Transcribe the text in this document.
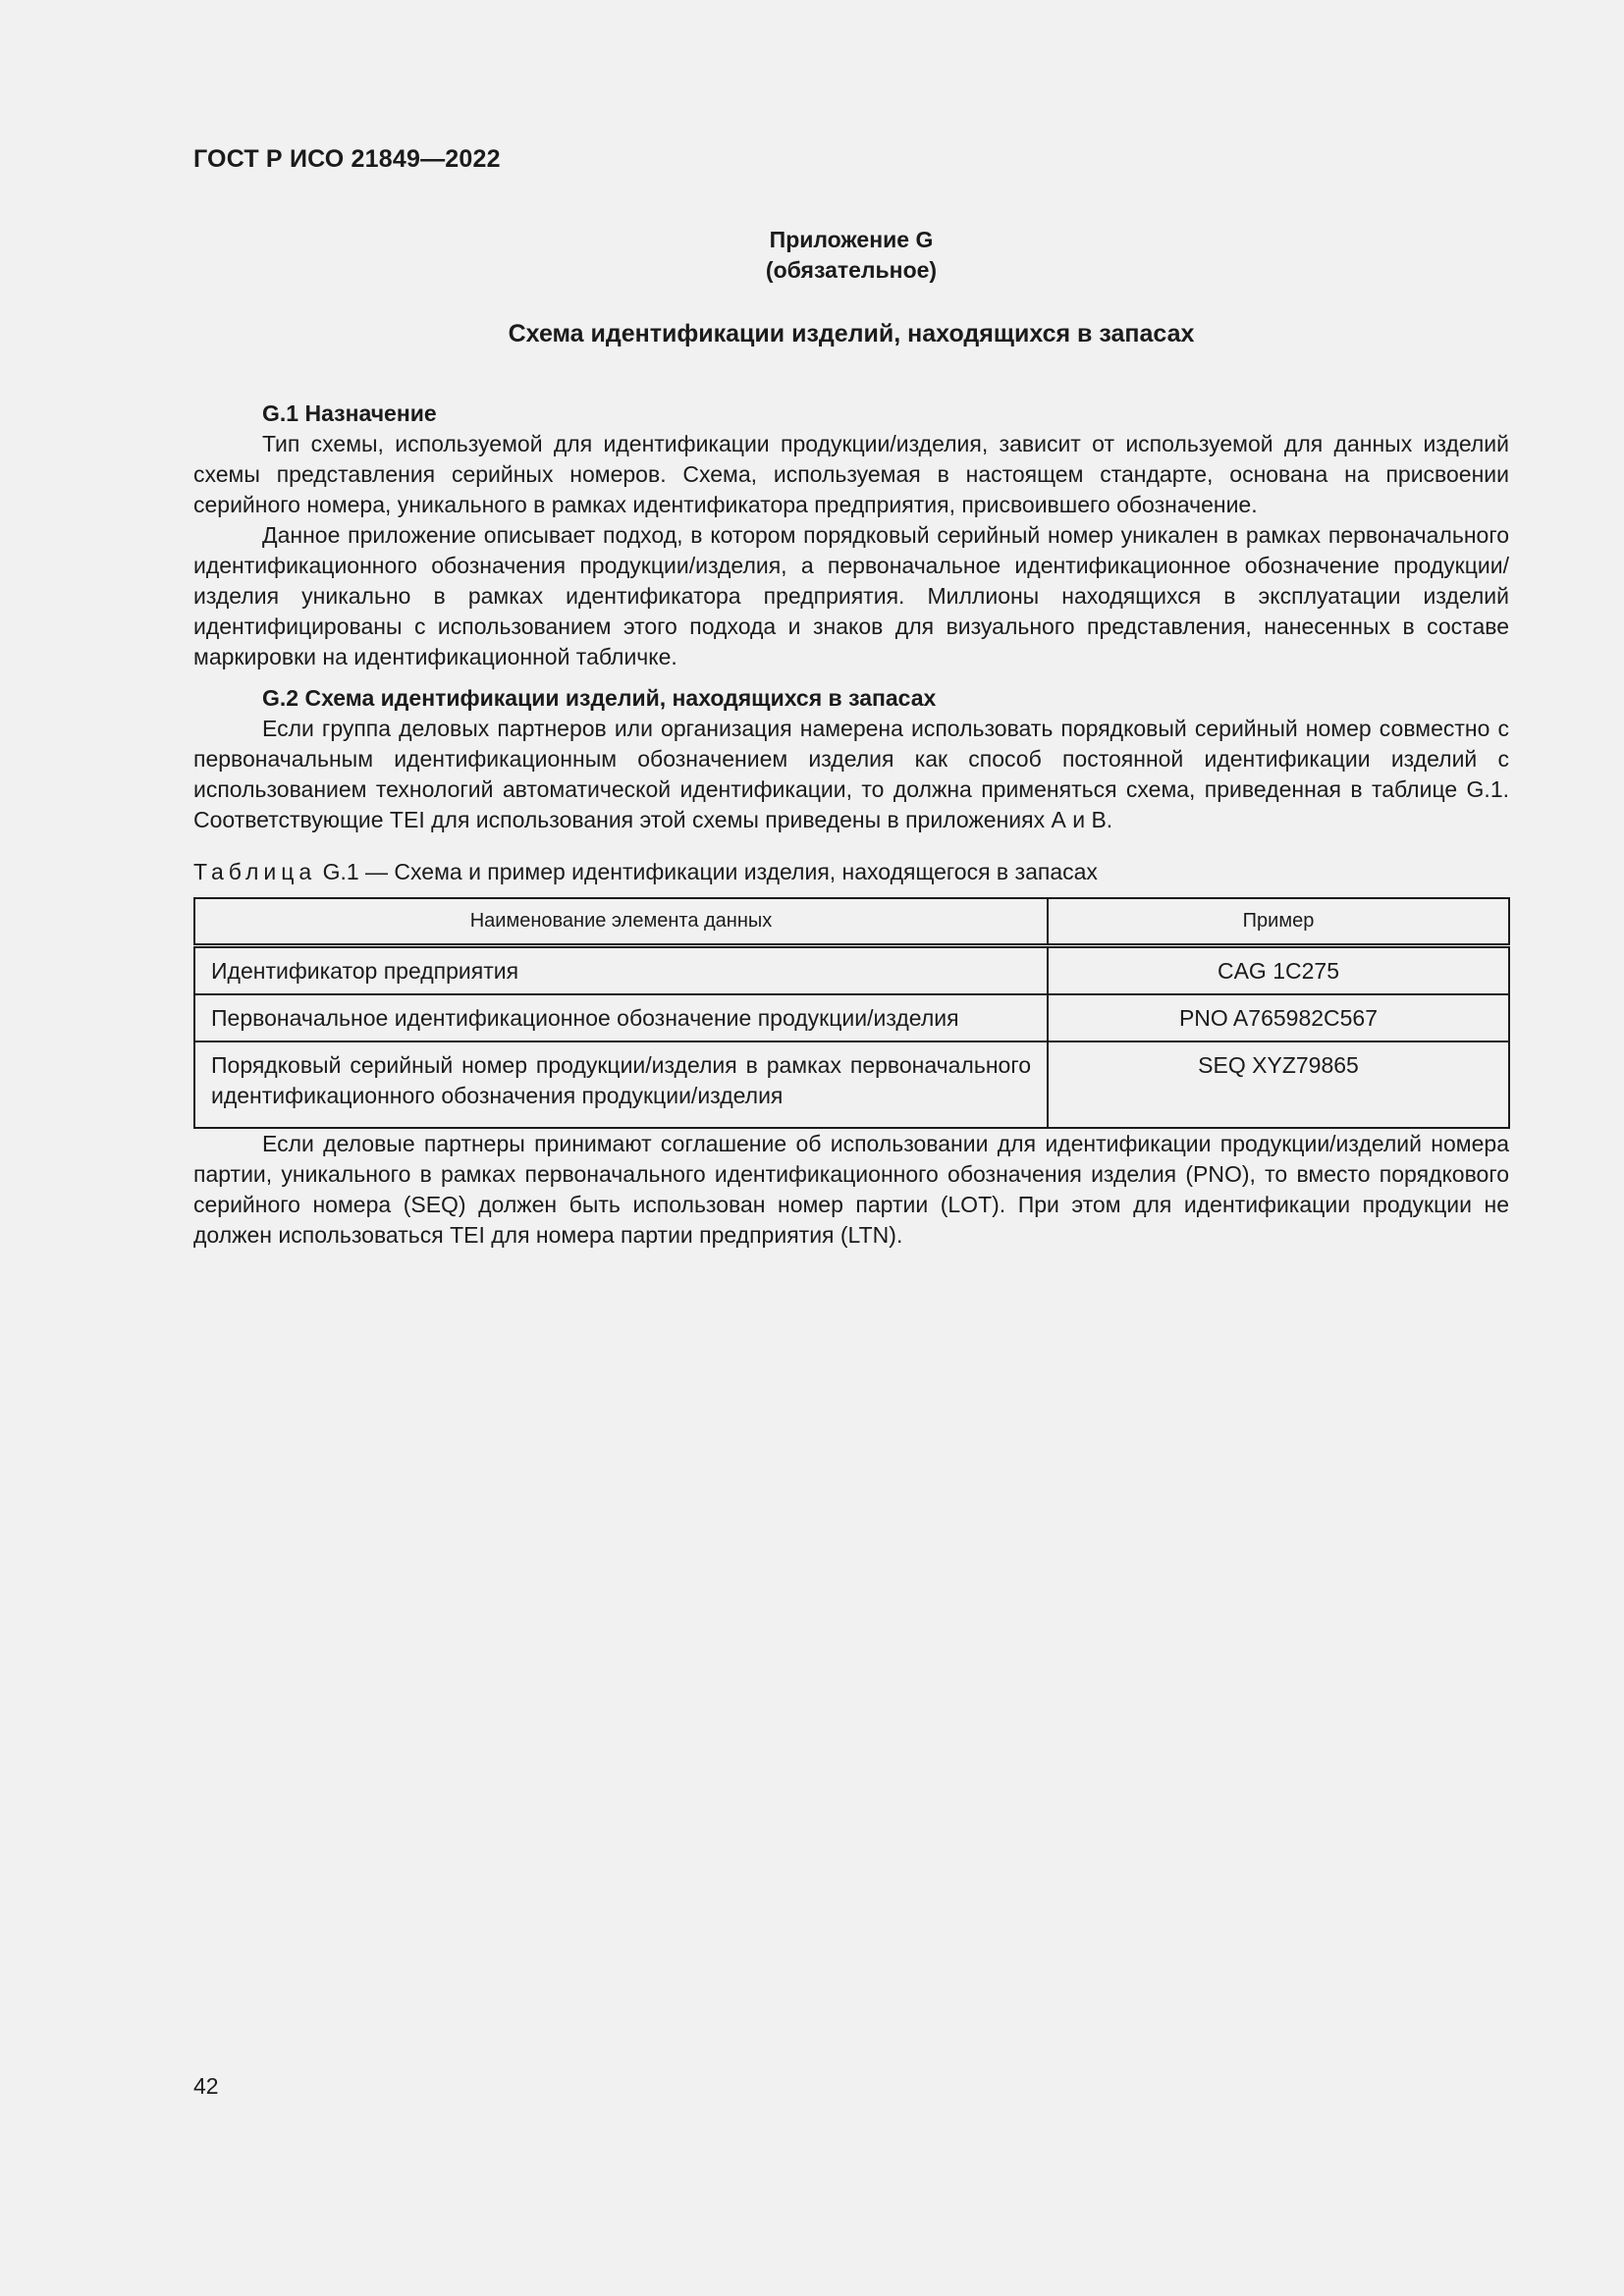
ГОСТ Р ИСО 21849—2022
Приложение G
(обязательное)
Схема идентификации изделий, находящихся в запасах
G.1 Назначение

Тип схемы, используемой для идентификации продукции/изделия, зависит от используемой для данных изделий схемы представления серийных номеров. Схема, используемая в настоящем стандарте, основана на присвоении серийного номера, уникального в рамках идентификатора предприятия, присвоившего обозначение.

Данное приложение описывает подход, в котором порядковый серийный номер уникален в рамках первоначального идентификационного обозначения продукции/изделия, а первоначальное идентификационное обозначение продукции/изделия уникально в рамках идентификатора предприятия. Миллионы находящихся в эксплуатации изделий идентифицированы с использованием этого подхода и знаков для визуального представления, нанесенных в составе маркировки на идентификационной табличке.

G.2 Схема идентификации изделий, находящихся в запасах

Если группа деловых партнеров или организация намерена использовать порядковый серийный номер совместно с первоначальным идентификационным обозначением изделия как способ постоянной идентификации изделий с использованием технологий автоматической идентификации, то должна применяться схема, приведенная в таблице G.1. Соответствующие TEI для использования этой схемы приведены в приложениях А и В.

Таблица G.1 — Схема и пример идентификации изделия, находящегося в запасах
Наименование элемента данных	Пример
Идентификатор предприятия	CAG 1C275
Первоначальное идентификационное обозначение продукции/изделия	PNO A765982C567
Порядковый серийный номер продукции/изделия в рамках первоначального идентификационного обозначения продукции/изделия	SEQ XYZ79865

Если деловые партнеры принимают соглашение об использовании для идентификации продукции/изделий номера партии, уникального в рамках первоначального идентификационного обозначения изделия (PNO), то вместо порядкового серийного номера (SEQ) должен быть использован номер партии (LOT). При этом для идентификации продукции не должен использоваться TEI для номера партии предприятия (LTN).

42
